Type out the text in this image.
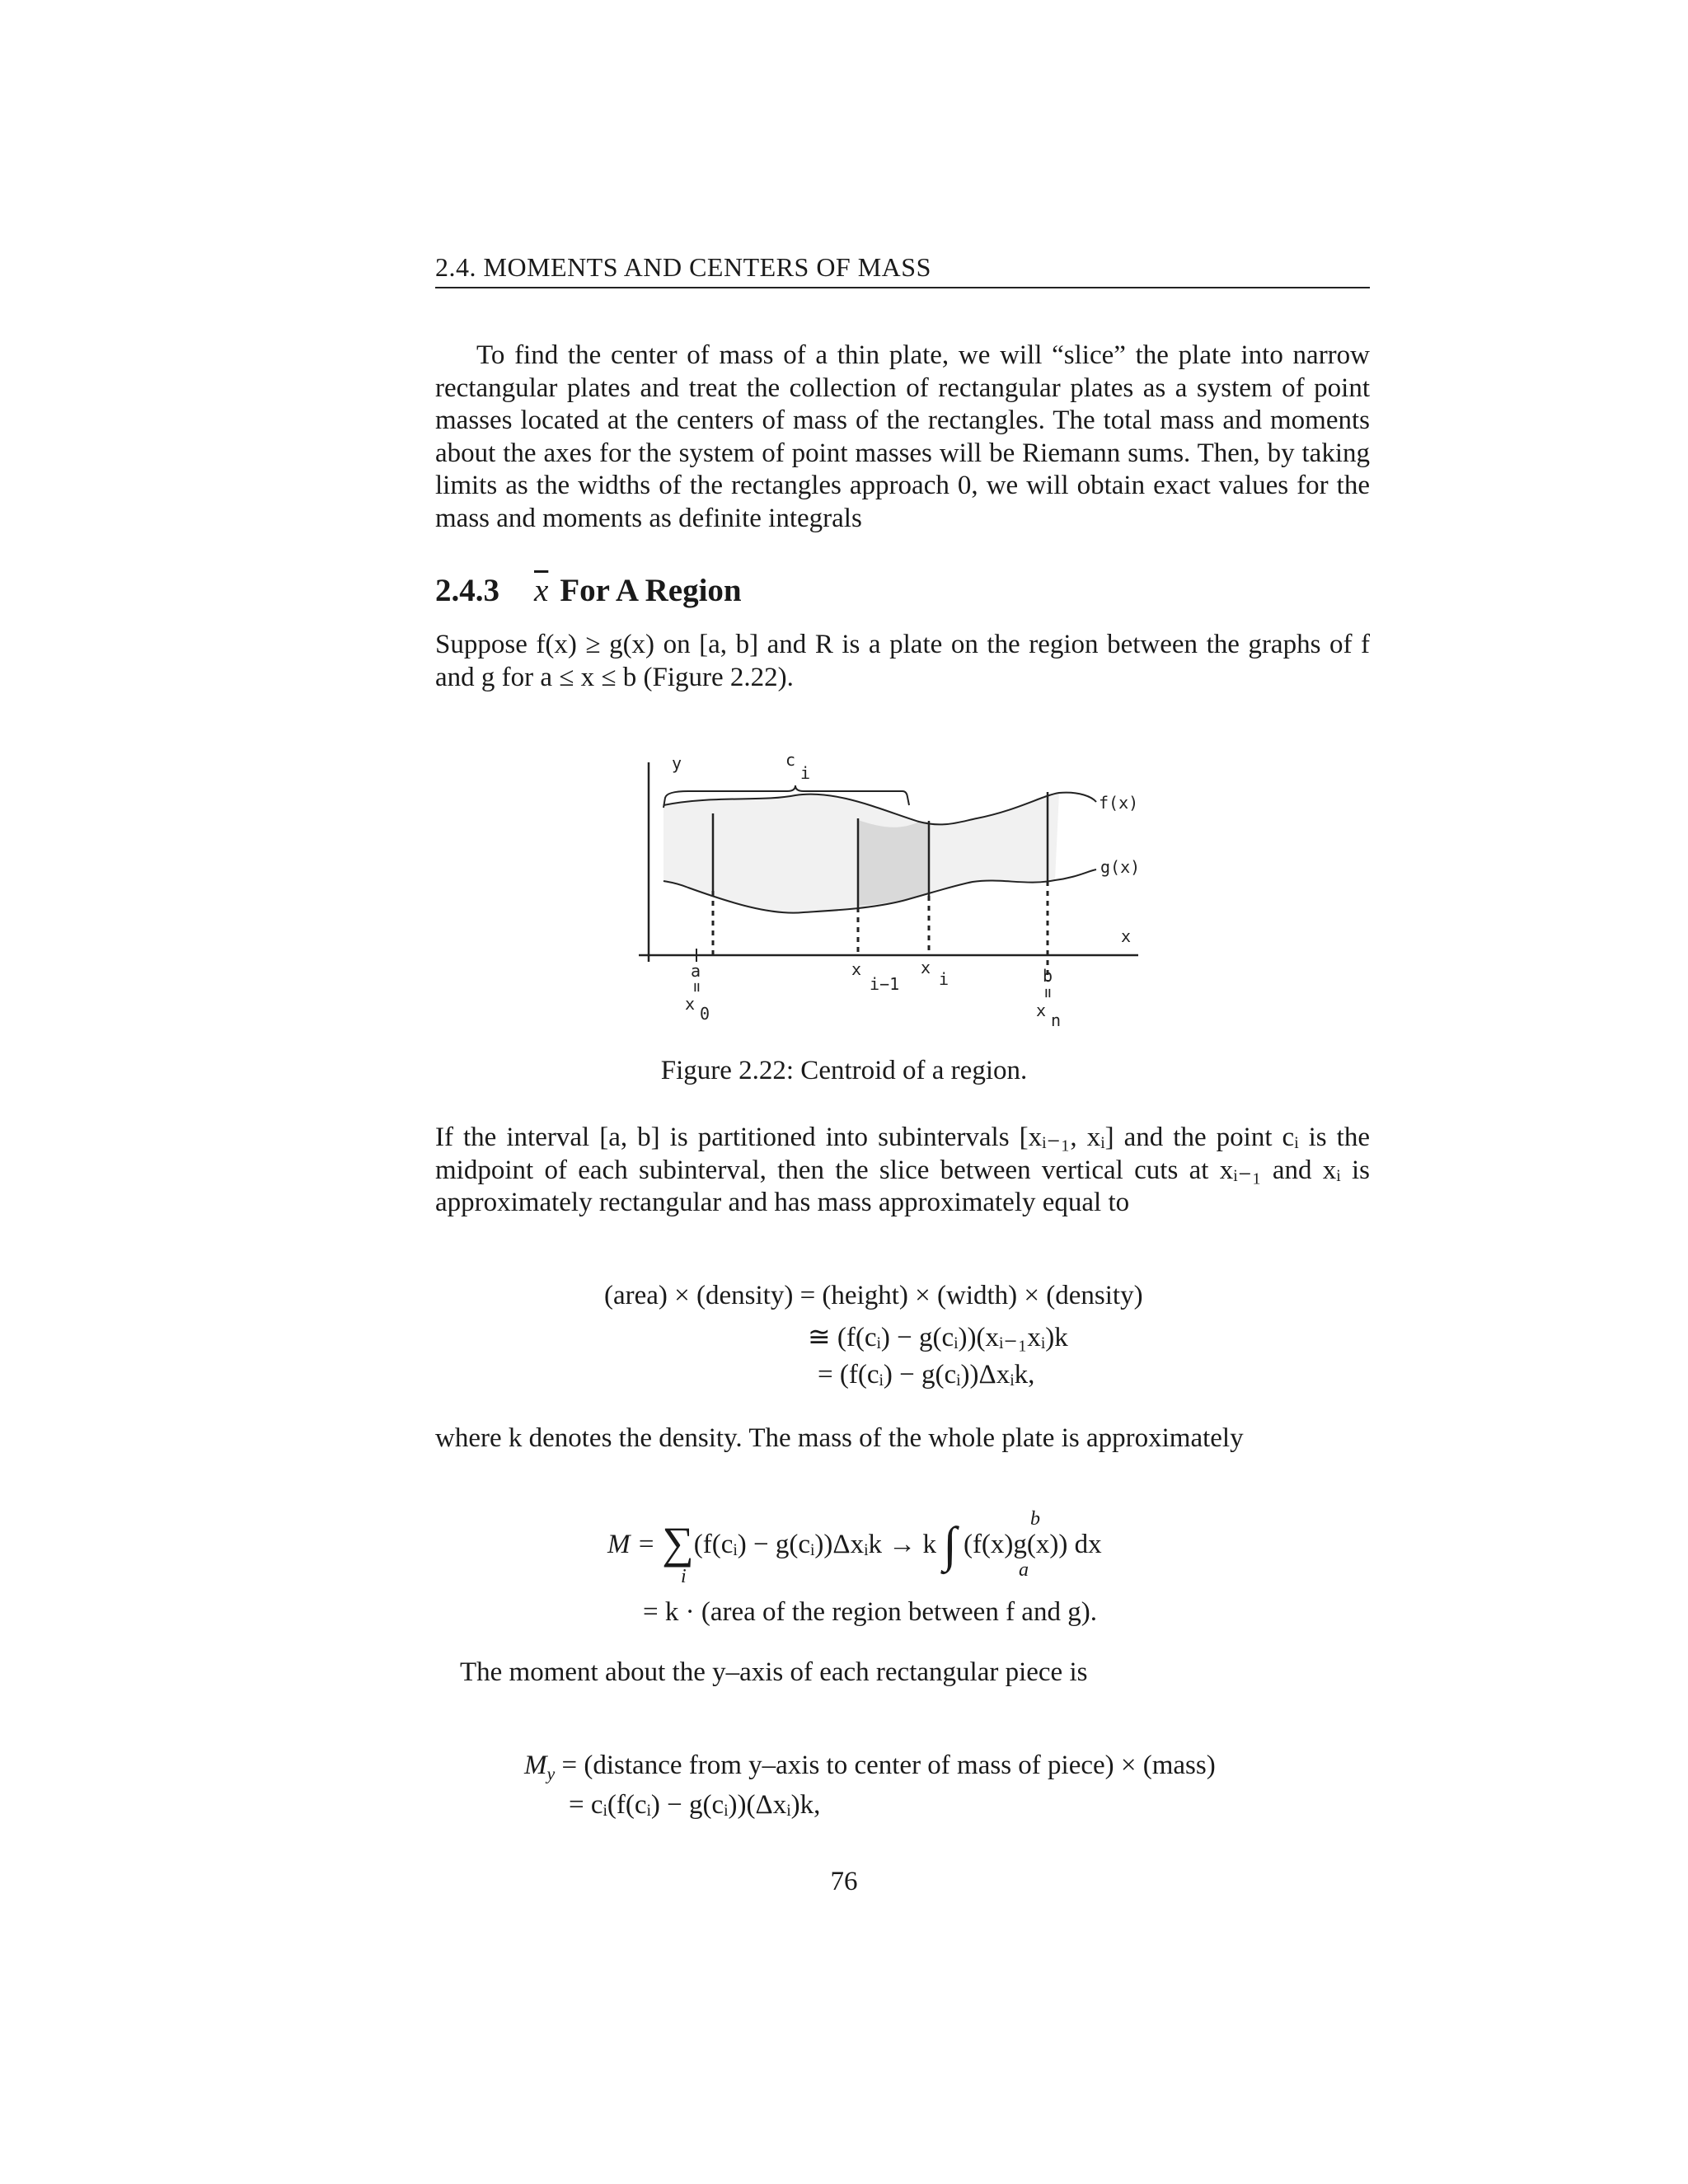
2.4. MOMENTS AND CENTERS OF MASS

To find the center of mass of a thin plate, we will “slice” the plate into narrow rectangular plates and treat the collection of rectangular plates as a system of point masses located at the centers of mass of the rectangles. The total mass and moments about the axes for the system of point masses will be Riemann sums. Then, by taking limits as the widths of the rectangles approach 0, we will obtain exact values for the mass and moments as definite integrals

2.4.3 $\overline{x}$ For A Region

Suppose f(x) ≥ g(x) on [a, b] and R is a plate on the region between the graphs of f and g for a ≤ x ≤ b (Figure 2.22).

y	c
i
f(x)
g(x)
x
a
=
x 0
x
i−1
x
i	b
=
x n
Figure 2.22: Centroid of a region.

If the interval [a, b] is partitioned into subintervals [xᵢ₋₁, xᵢ] and the point cᵢ is the midpoint of each subinterval, then the slice between vertical cuts at xᵢ₋₁ and xᵢ is approximately rectangular and has mass approximately equal to

(area) × (density) = (height) × (width) × (density)
≅ (f(cᵢ) − g(cᵢ))(xᵢ₋₁xᵢ)k
= (f(cᵢ) − g(cᵢ))Δxᵢk,

where k denotes the density. The mass of the whole plate is approximately

M = ∑(f(cᵢ) − g(cᵢ))Δxᵢk → k ∫ (f(x)g(x)) dx
i
b
a
= k · (area of the region between f and g).

The moment about the y–axis of each rectangular piece is

$M_y$ = (distance from y–axis to center of mass of piece) × (mass)
= cᵢ(f(cᵢ) − g(cᵢ))(Δxᵢ)k,
76
